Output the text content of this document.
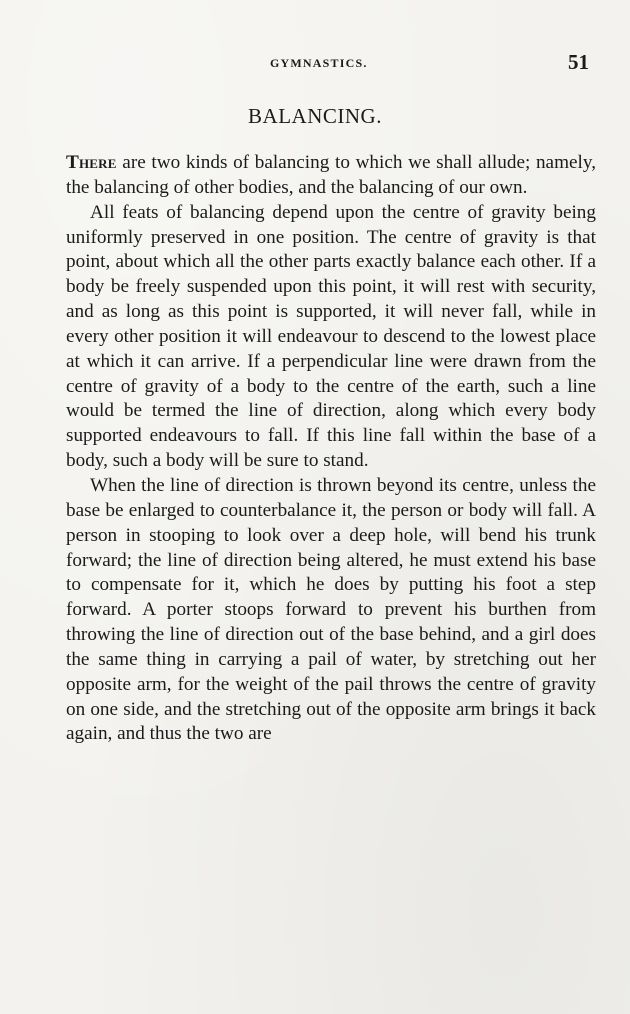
GYMNASTICS.	51
BALANCING.

There are two kinds of balancing to which we shall allude; namely, the balancing of other bodies, and the balancing of our own.

All feats of balancing depend upon the centre of gravity being uniformly preserved in one position. The centre of gravity is that point, about which all the other parts exactly balance each other. If a body be freely suspended upon this point, it will rest with security, and as long as this point is supported, it will never fall, while in every other position it will endeavour to descend to the lowest place at which it can arrive. If a perpendicular line were drawn from the centre of gravity of a body to the centre of the earth, such a line would be termed the line of direction, along which every body supported endeavours to fall. If this line fall within the base of a body, such a body will be sure to stand.

When the line of direction is thrown beyond its centre, unless the base be enlarged to counterbalance it, the person or body will fall. A person in stooping to look over a deep hole, will bend his trunk forward; the line of direction being altered, he must extend his base to compensate for it, which he does by putting his foot a step forward. A porter stoops forward to prevent his burthen from throwing the line of direction out of the base behind, and a girl does the same thing in carrying a pail of water, by stretching out her opposite arm, for the weight of the pail throws the centre of gravity on one side, and the stretching out of the opposite arm brings it back again, and thus the two are
